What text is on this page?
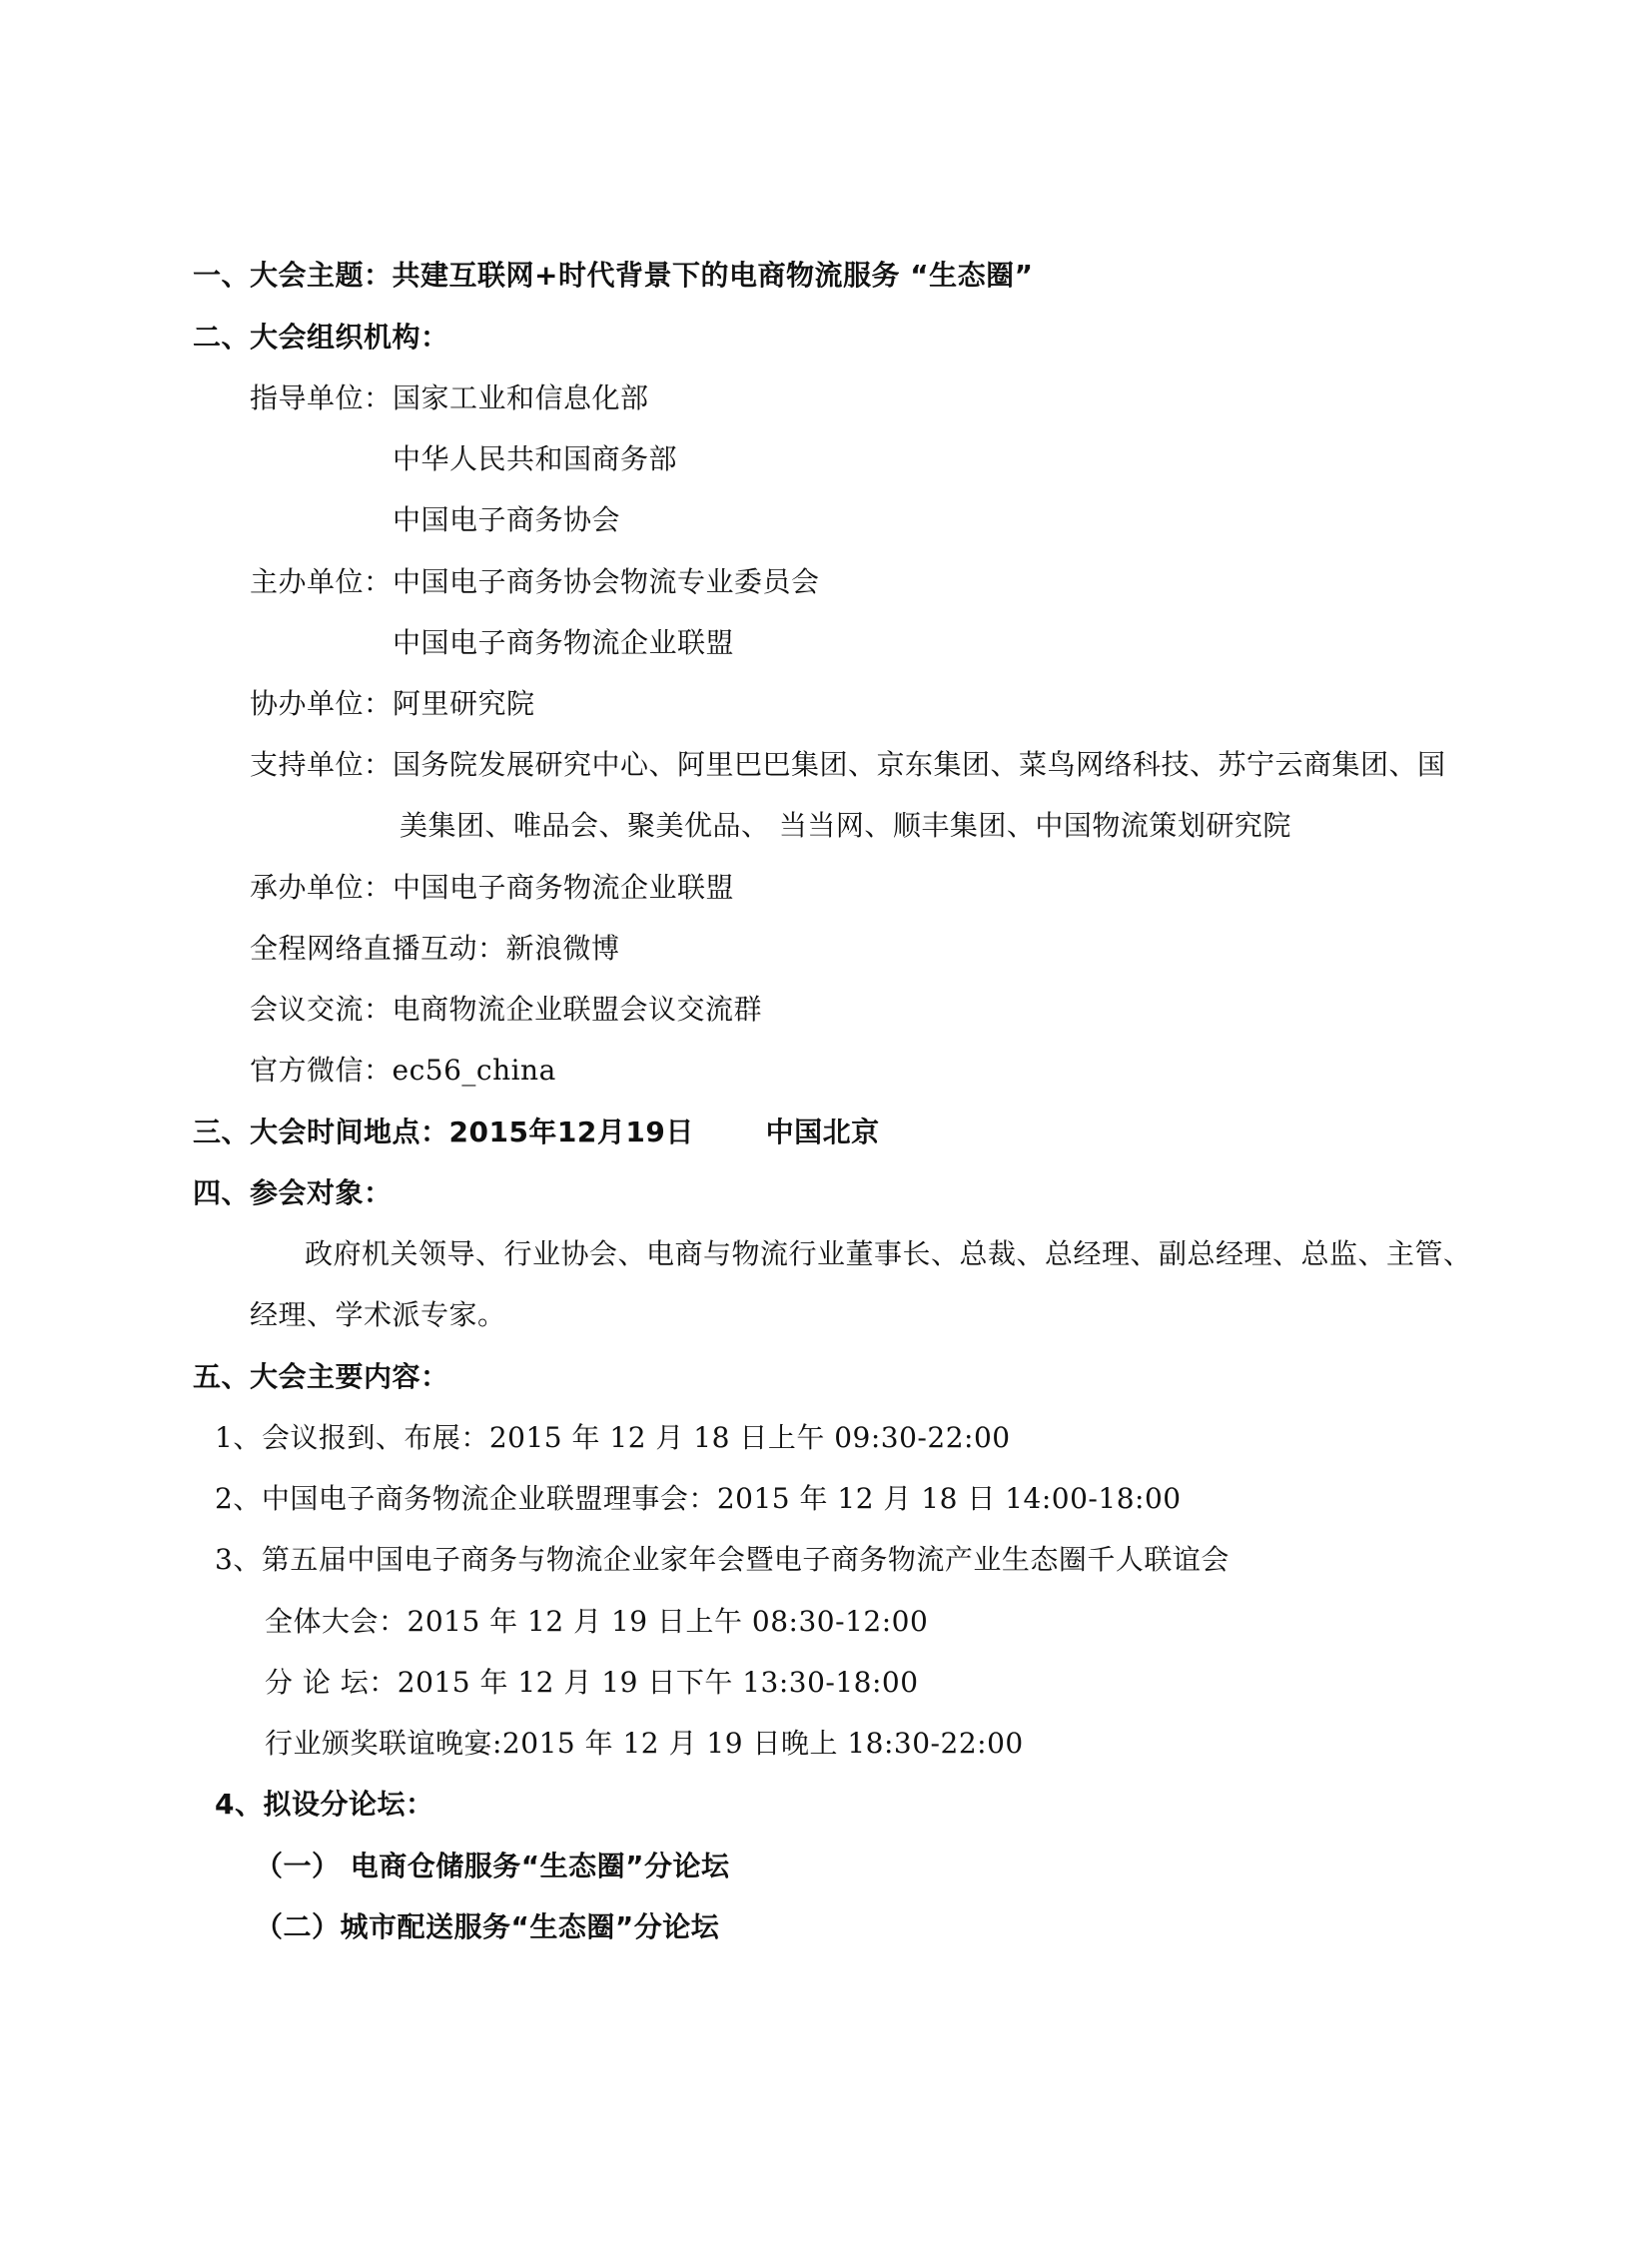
一、大会主题：共建互联网+时代背景下的电商物流服务 “生态圈”
二、大会组织机构：
指导单位： 国家工业和信息化部
中华人民共和国商务部
中国电子商务协会
主办单位： 中国电子商务协会物流专业委员会
中国电子商务物流企业联盟
协办单位： 阿里研究院
支持单位： 国务院发展研究中心、阿里巴巴集团、京东集团、菜鸟网络科技、苏宁云商集团、国
美集团、唯品会、聚美优品、 当当网、顺丰集团、中国物流策划研究院
承办单位： 中国电子商务物流企业联盟
全程网络直播互动：新浪微博
会议交流：电商物流企业联盟会议交流群
官方微信：ec56_china
三、大会时间地点：2015年12月19日       中国北京
四、参会对象：
政府机关领导、行业协会、电商与物流行业董事长、总裁、总经理、副总经理、总监、主管、
经理、学术派专家。
五、大会主要内容：
1、会议报到、布展：2015 年 12 月 18 日上午 09:30-22:00
2、中国电子商务物流企业联盟理事会：2015 年 12 月 18 日 14:00-18:00
3、第五届中国电子商务与物流企业家年会暨电子商务物流产业生态圈千人联谊会
全体大会：2015 年 12 月 19 日上午 08:30-12:00
分 论 坛：2015 年 12 月 19 日下午 13:30-18:00
行业颁奖联谊晚宴:2015 年 12 月 19 日晚上 18:30-22:00
4、拟设分论坛：
（一） 电商仓储服务“生态圈”分论坛
（二）城市配送服务“生态圈”分论坛
